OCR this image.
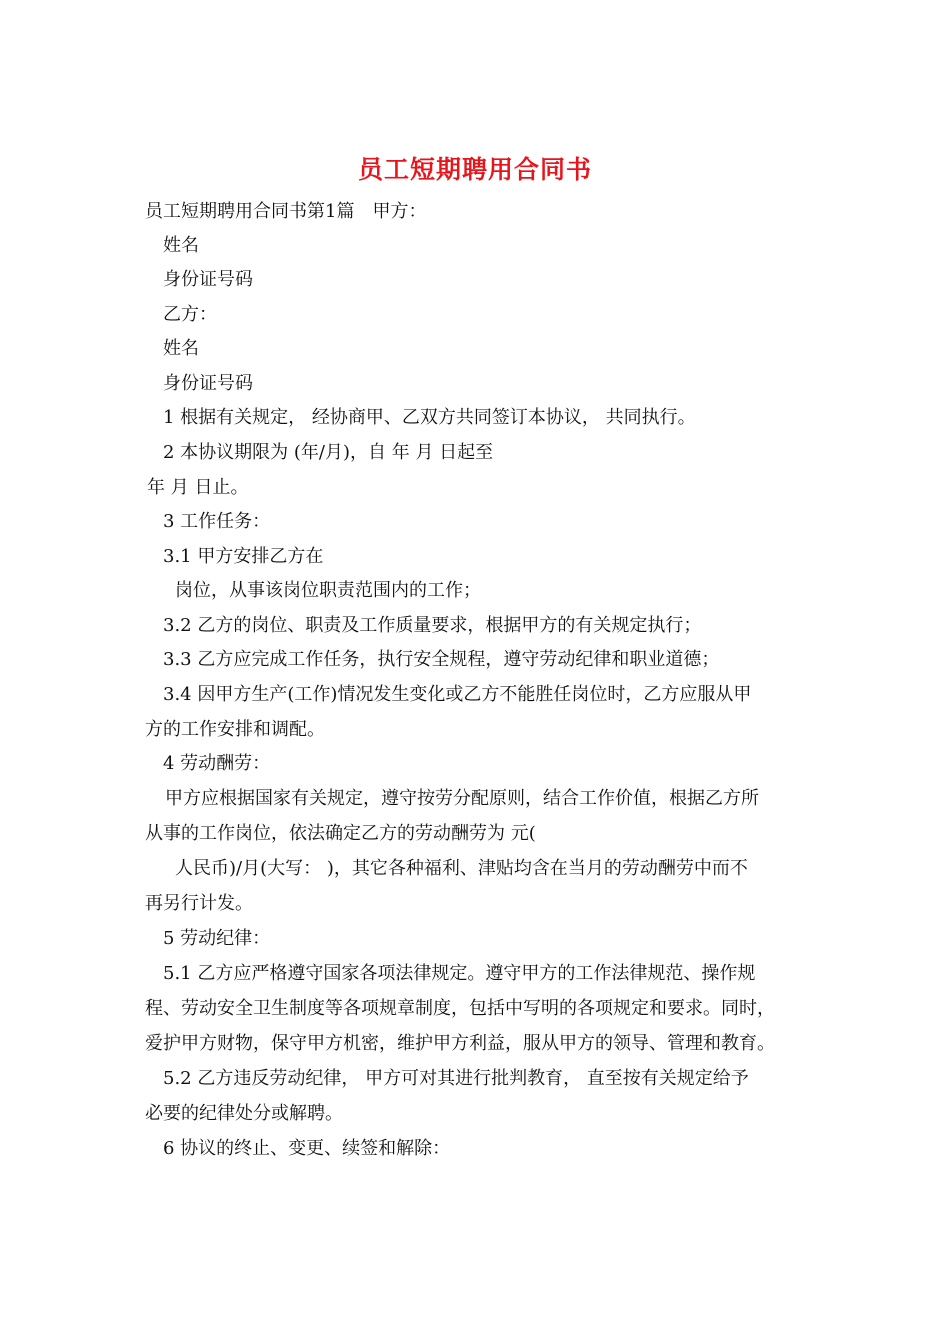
员工短期聘用合同书
员工短期聘用合同书第1篇　甲方：
姓名
身份证号码
乙方：
姓名
身份证号码
1 根据有关规定， 经协商甲、乙双方共同签订本协议， 共同执行。
2 本协议期限为 (年/月)，自 年 月 日起至
年 月 日止。
3 工作任务：
3.1 甲方安排乙方在
岗位，从事该岗位职责范围内的工作；
3.2 乙方的岗位、职责及工作质量要求，根据甲方的有关规定执行；
3.3 乙方应完成工作任务，执行安全规程，遵守劳动纪律和职业道德；
3.4 因甲方生产(工作)情况发生变化或乙方不能胜任岗位时，乙方应服从甲
方的工作安排和调配。
4 劳动酬劳：
甲方应根据国家有关规定，遵守按劳分配原则，结合工作价值，根据乙方所
从事的工作岗位，依法确定乙方的劳动酬劳为 元(
人民币)/月(大写： )，其它各种福利、津贴均含在当月的劳动酬劳中而不
再另行计发。
5 劳动纪律：
5.1 乙方应严格遵守国家各项法律规定。遵守甲方的工作法律规范、操作规
程、劳动安全卫生制度等各项规章制度，包括中写明的各项规定和要求。同时，
爱护甲方财物，保守甲方机密，维护甲方利益，服从甲方的领导、管理和教育。
5.2 乙方违反劳动纪律， 甲方可对其进行批判教育， 直至按有关规定给予
必要的纪律处分或解聘。
6 协议的终止、变更、续签和解除：
